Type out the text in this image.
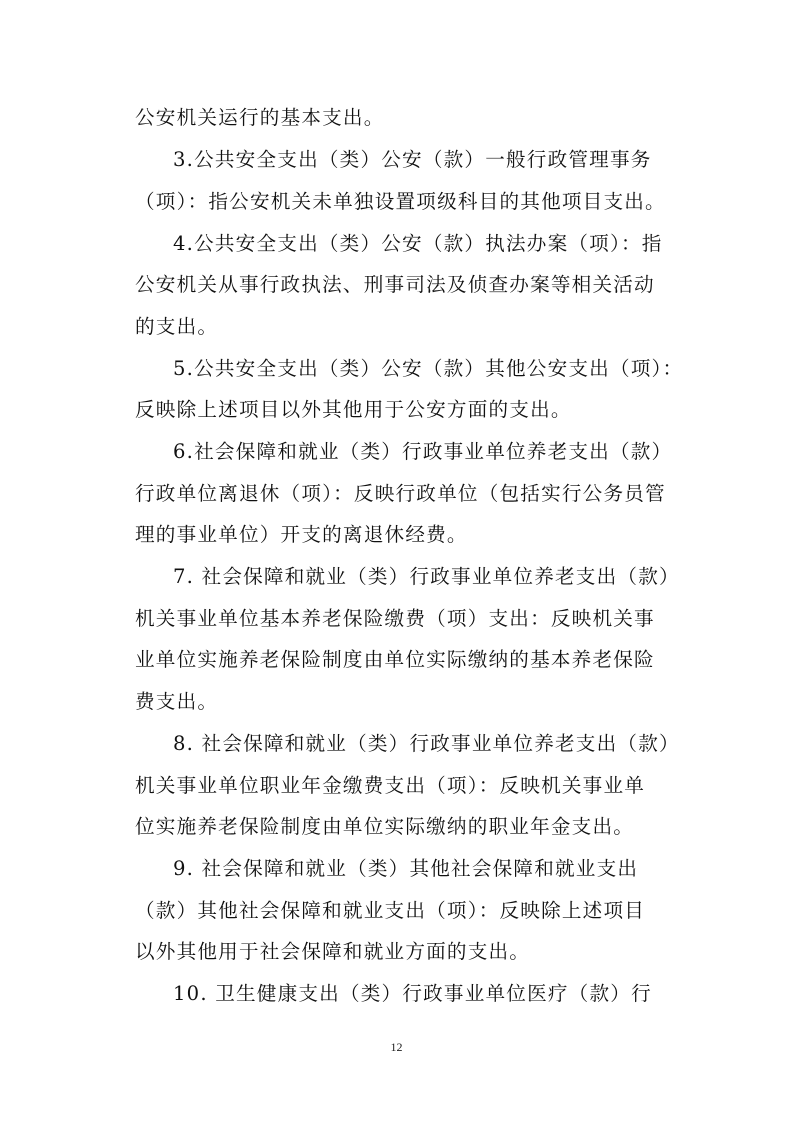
公安机关运行的基本支出。
3.公共安全支出（类）公安（款）一般行政管理事务
（项）：指公安机关未单独设置项级科目的其他项目支出。
4.公共安全支出（类）公安（款）执法办案（项）：指
公安机关从事行政执法、刑事司法及侦查办案等相关活动
的支出。
5.公共安全支出（类）公安（款）其他公安支出（项）：
反映除上述项目以外其他用于公安方面的支出。
6.社会保障和就业（类）行政事业单位养老支出（款）
行政单位离退休（项）：反映行政单位（包括实行公务员管
理的事业单位）开支的离退休经费。
7. 社会保障和就业（类）行政事业单位养老支出（款）
机关事业单位基本养老保险缴费（项）支出：反映机关事
业单位实施养老保险制度由单位实际缴纳的基本养老保险
费支出。
8. 社会保障和就业（类）行政事业单位养老支出（款）
机关事业单位职业年金缴费支出（项）：反映机关事业单
位实施养老保险制度由单位实际缴纳的职业年金支出。
9. 社会保障和就业（类）其他社会保障和就业支出
（款）其他社会保障和就业支出（项）：反映除上述项目
以外其他用于社会保障和就业方面的支出。
10. 卫生健康支出（类）行政事业单位医疗（款）行
12
